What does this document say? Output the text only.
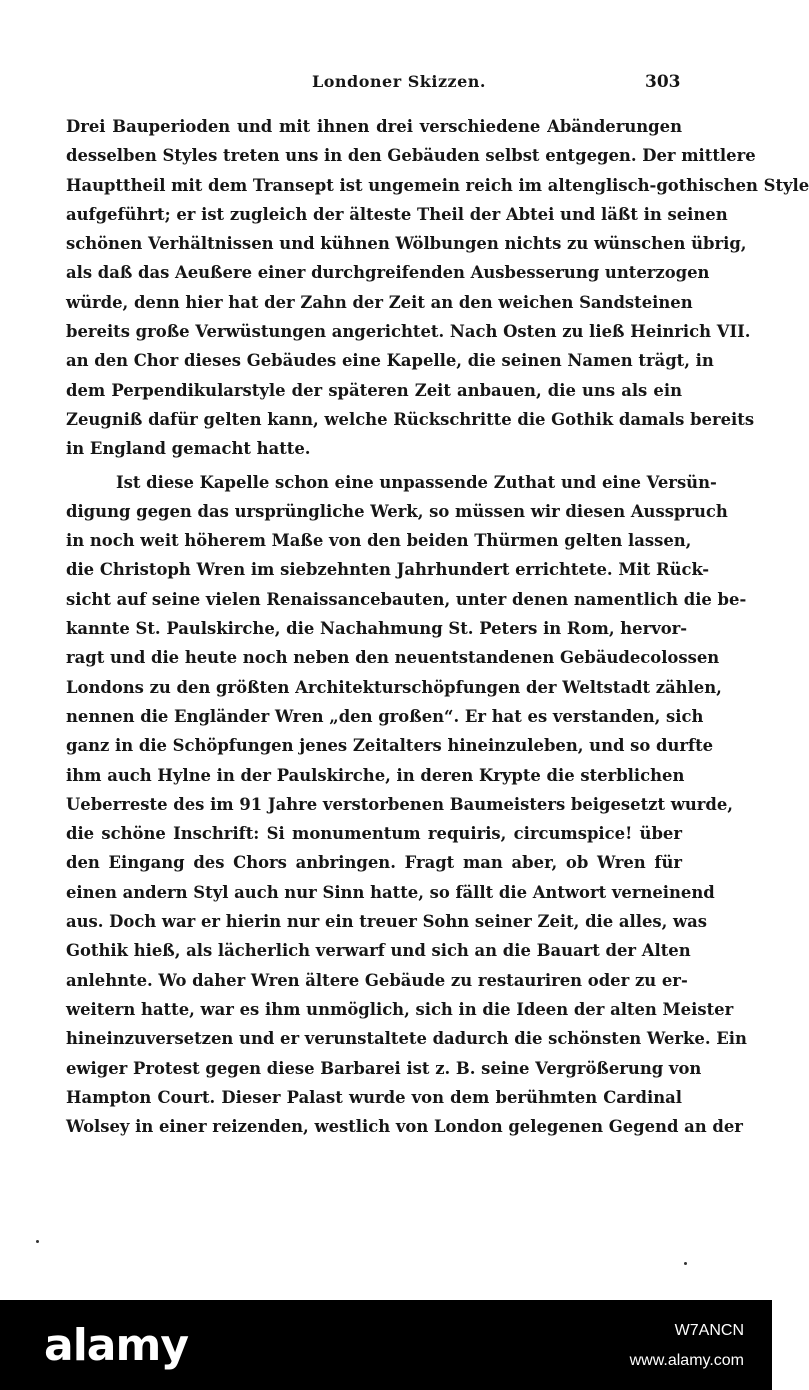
Londoner Skizzen.	303
Drei Bauperioden und mit ihnen drei verschiedene Abänderungen
desselben Styles treten uns in den Gebäuden selbst entgegen. Der mittlere
Haupttheil mit dem Transept ist ungemein reich im altenglisch-gothischen Style
aufgeführt; er ist zugleich der älteste Theil der Abtei und läßt in seinen
schönen Verhältnissen und kühnen Wölbungen nichts zu wünschen übrig,
als daß das Aeußere einer durchgreifenden Ausbesserung unterzogen
würde, denn hier hat der Zahn der Zeit an den weichen Sandsteinen
bereits große Verwüstungen angerichtet. Nach Osten zu ließ Heinrich VII.
an den Chor dieses Gebäudes eine Kapelle, die seinen Namen trägt, in
dem Perpendikularstyle der späteren Zeit anbauen, die uns als ein
Zeugniß dafür gelten kann, welche Rückschritte die Gothik damals bereits
in England gemacht hatte.
Ist diese Kapelle schon eine unpassende Zuthat und eine Versün-
digung gegen das ursprüngliche Werk, so müssen wir diesen Ausspruch
in noch weit höherem Maße von den beiden Thürmen gelten lassen,
die Christoph Wren im siebzehnten Jahrhundert errichtete. Mit Rück-
sicht auf seine vielen Renaissancebauten, unter denen namentlich die be-
kannte St. Paulskirche, die Nachahmung St. Peters in Rom, hervor-
ragt und die heute noch neben den neuentstandenen Gebäudecolossen
Londons zu den größten Architekturschöpfungen der Weltstadt zählen,
nennen die Engländer Wren „den großen“. Er hat es verstanden, sich
ganz in die Schöpfungen jenes Zeitalters hineinzuleben, und so durfte
ihm auch Hylne in der Paulskirche, in deren Krypte die sterblichen
Ueberreste des im 91 Jahre verstorbenen Baumeisters beigesetzt wurde,
die schöne Inschrift: Si monumentum requiris, circumspice! über
den Eingang des Chors anbringen. Fragt man aber, ob Wren für
einen andern Styl auch nur Sinn hatte, so fällt die Antwort verneinend
aus. Doch war er hierin nur ein treuer Sohn seiner Zeit, die alles, was
Gothik hieß, als lächerlich verwarf und sich an die Bauart der Alten
anlehnte. Wo daher Wren ältere Gebäude zu restauriren oder zu er-
weitern hatte, war es ihm unmöglich, sich in die Ideen der alten Meister
hineinzuversetzen und er verunstaltete dadurch die schönsten Werke. Ein
ewiger Protest gegen diese Barbarei ist z. B. seine Vergrößerung von
Hampton Court. Dieser Palast wurde von dem berühmten Cardinal
Wolsey in einer reizenden, westlich von London gelegenen Gegend an der
alamy	W7ANCN
www.alamy.com
